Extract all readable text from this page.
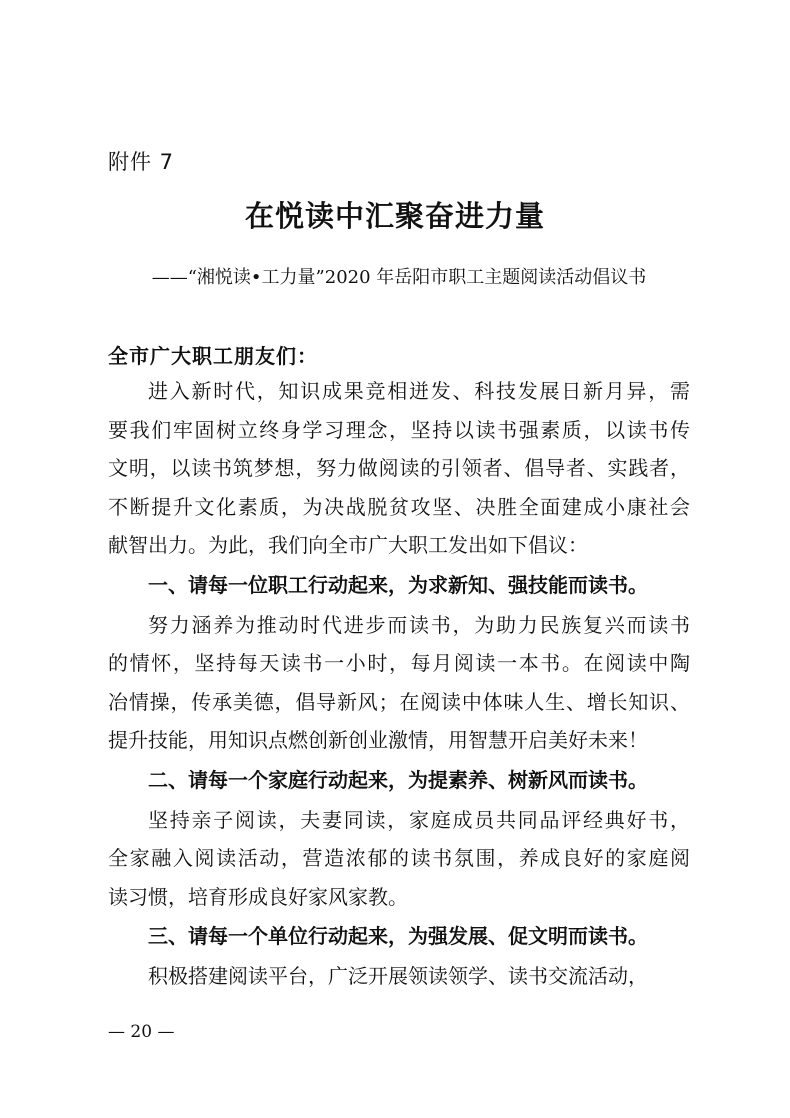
附件 7
在悦读中汇聚奋进力量
——“湘悦读•工力量”2020 年岳阳市职工主题阅读活动倡议书
全市广大职工朋友们：
进入新时代，知识成果竞相迸发、科技发展日新月异，需
要我们牢固树立终身学习理念，坚持以读书强素质，以读书传
文明，以读书筑梦想，努力做阅读的引领者、倡导者、实践者，
不断提升文化素质，为决战脱贫攻坚、决胜全面建成小康社会
献智出力。为此，我们向全市广大职工发出如下倡议：
一、请每一位职工行动起来，为求新知、强技能而读书。
努力涵养为推动时代进步而读书，为助力民族复兴而读书
的情怀，坚持每天读书一小时，每月阅读一本书。在阅读中陶
冶情操，传承美德，倡导新风；在阅读中体味人生、增长知识、
提升技能，用知识点燃创新创业激情，用智慧开启美好未来！
二、请每一个家庭行动起来，为提素养、树新风而读书。
坚持亲子阅读，夫妻同读，家庭成员共同品评经典好书，
全家融入阅读活动，营造浓郁的读书氛围，养成良好的家庭阅
读习惯，培育形成良好家风家教。
三、请每一个单位行动起来，为强发展、促文明而读书。
积极搭建阅读平台，广泛开展领读领学、读书交流活动，
— 20 —
